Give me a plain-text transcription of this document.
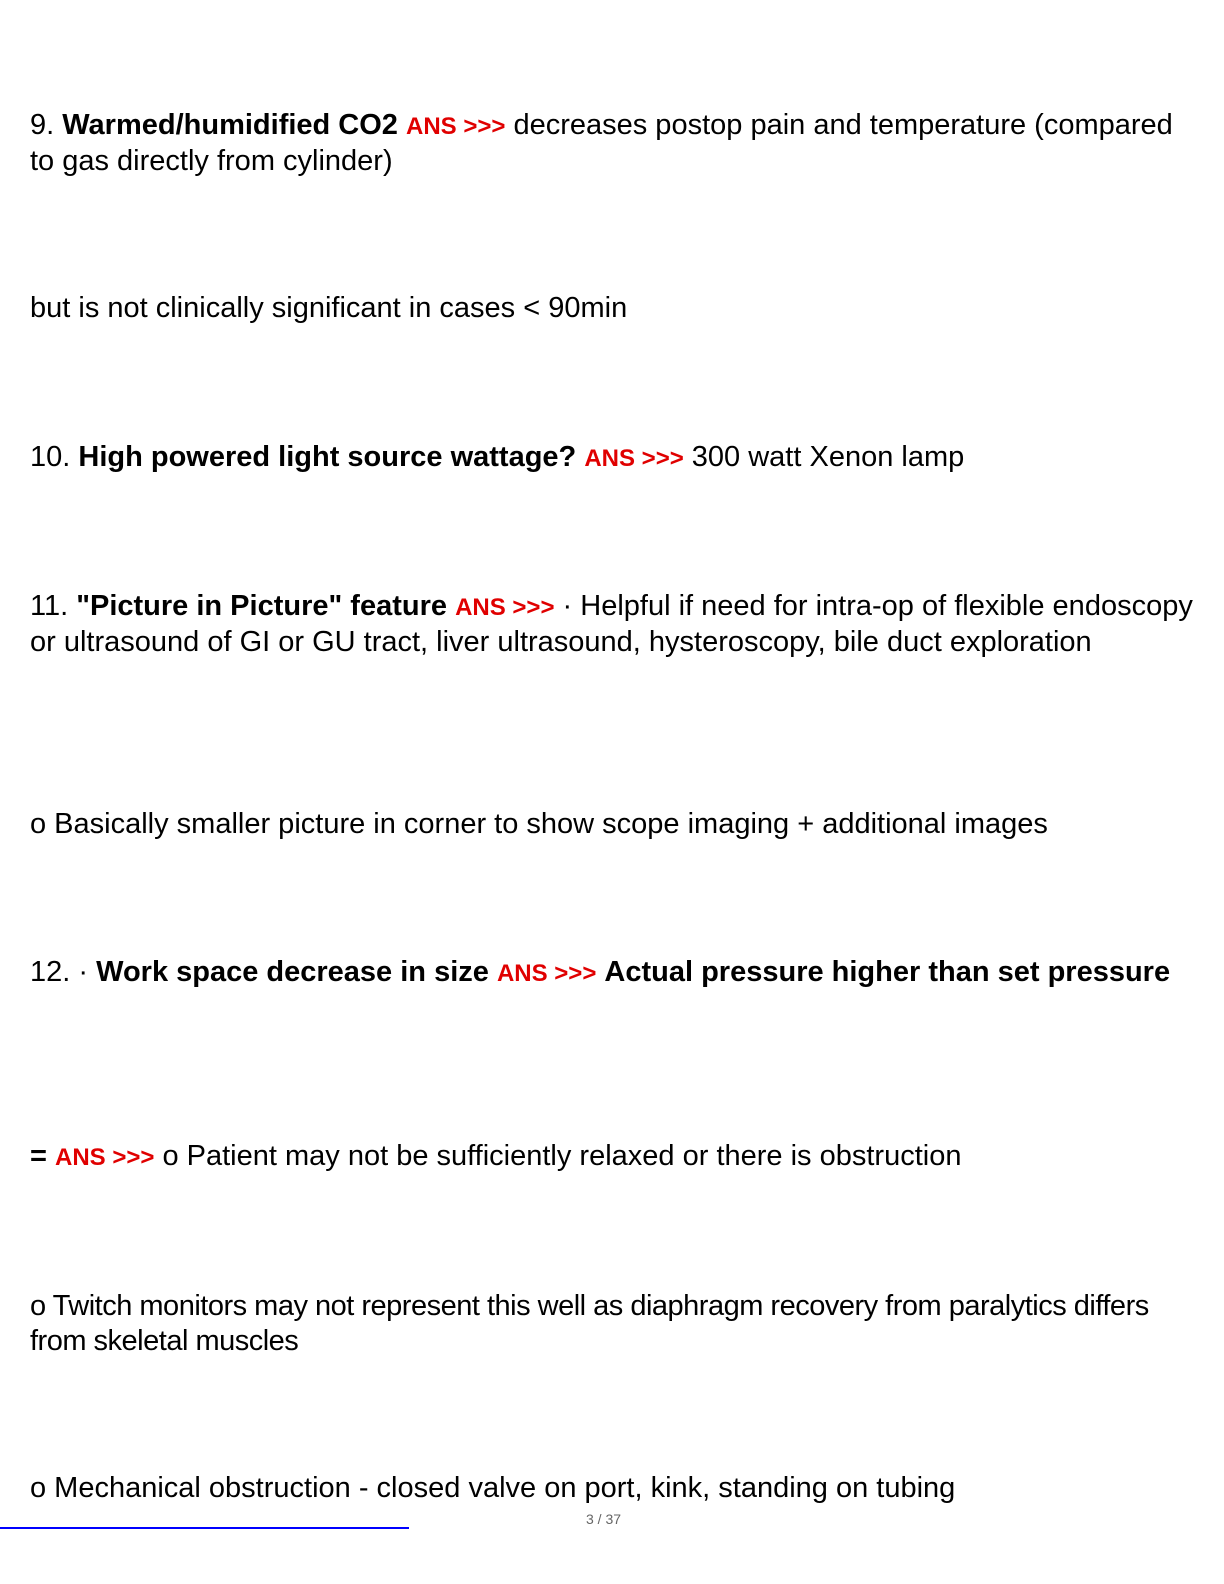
9. Warmed/humidified CO2 ANS >>> decreases postop pain and temperature (compared to gas directly from cylinder)

but is not clinically significant in cases < 90min

10. High powered light source wattage? ANS >>> 300 watt Xenon lamp

11. "Picture in Picture" feature ANS >>> · Helpful if need for intra-op of flexible endoscopy or ultrasound of GI or GU tract, liver ultrasound, hysteroscopy, bile duct exploration

o Basically smaller picture in corner to show scope imaging + additional images

12. · Work space decrease in size ANS >>> Actual pressure higher than set pressure

= ANS >>> o Patient may not be sufficiently relaxed or there is obstruction

o Twitch monitors may not represent this well as diaphragm recovery from paralytics differs from skeletal muscles

o Mechanical obstruction - closed valve on port, kink, standing on tubing

3 / 37
